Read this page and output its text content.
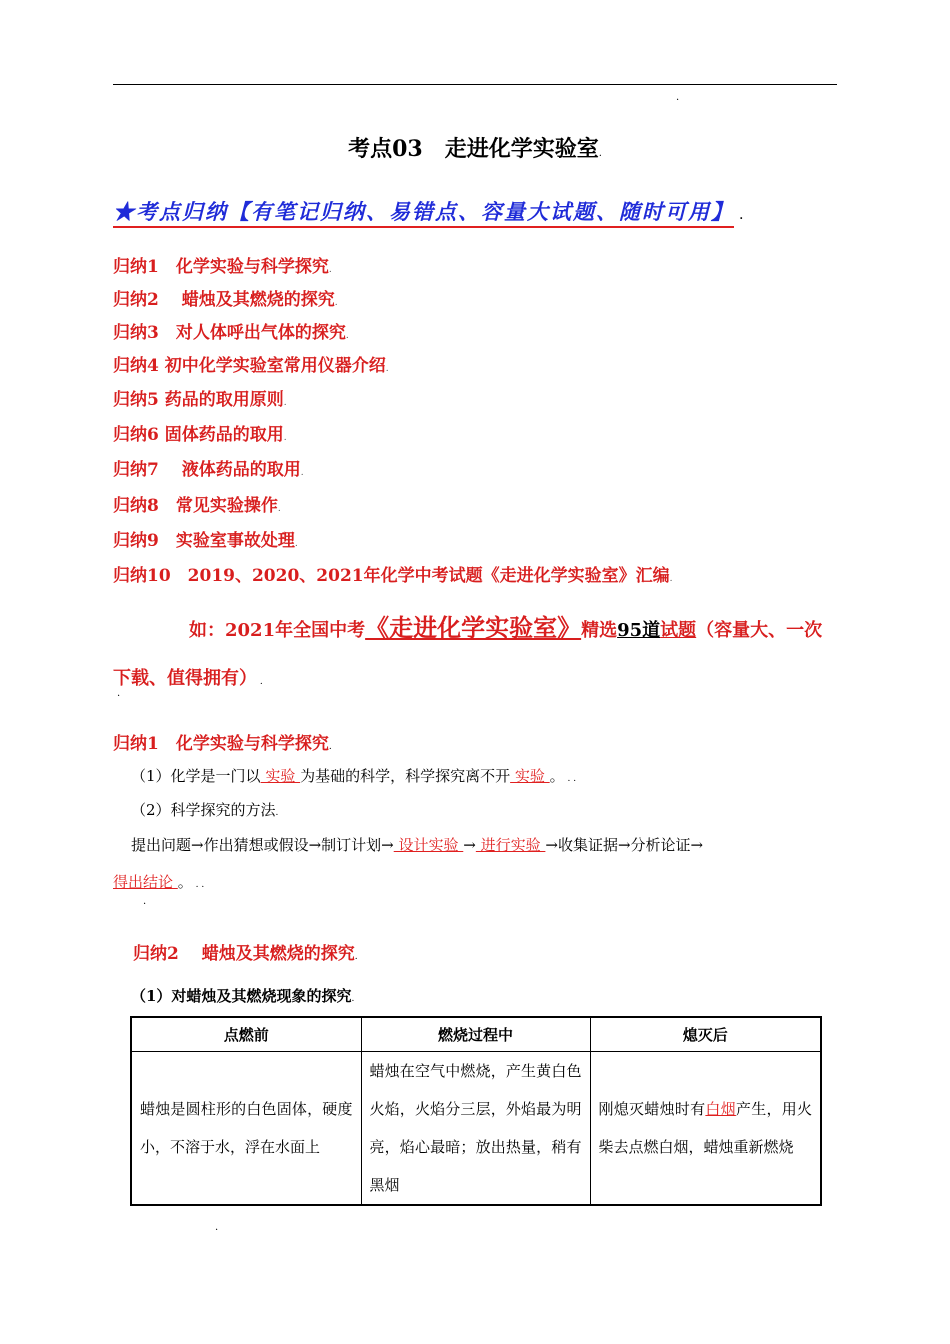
.
考点03　走进化学实验室.
★考点归纳【有笔记归纳、易错点、容量大试题、随时可用】 .
归纳1　化学实验与科学探究.
归纳2　 蜡烛及其燃烧的探究.
归纳3　对人体呼出气体的探究.
归纳4 初中化学实验室常用仪器介绍.
归纳5 药品的取用原则.
归纳6 固体药品的取用.
归纳7　 液体药品的取用.
归纳8　常见实验操作.
归纳9　实验室事故处理.
归纳10　2019、2020、2021年化学中考试题《走进化学实验室》汇编.
如：2021年全国中考《走进化学实验室》精选95道试题（容量大、一次下载、值得拥有） .
.
归纳1　化学实验与科学探究.
（1）化学是一门以 实验 为基础的科学，科学探究离不开 实验 。 . .
（2）科学探究的方法.
提出问题→作出猜想或假设→制订计划→ 设计实验 → 进行实验 →收集证据→分析论证→
得出结论 。 . .
.
归纳2　 蜡烛及其燃烧的探究.
（1）对蜡烛及其燃烧现象的探究.
点燃前	燃烧过程中	熄灭后
蜡烛是圆柱形的白色固体，硬度小，不溶于水，浮在水面上	蜡烛在空气中燃烧，产生黄白色火焰，火焰分三层，外焰最为明亮，焰心最暗；放出热量，稍有黑烟	刚熄灭蜡烛时有白烟产生，用火柴去点燃白烟，蜡烛重新燃烧
.
